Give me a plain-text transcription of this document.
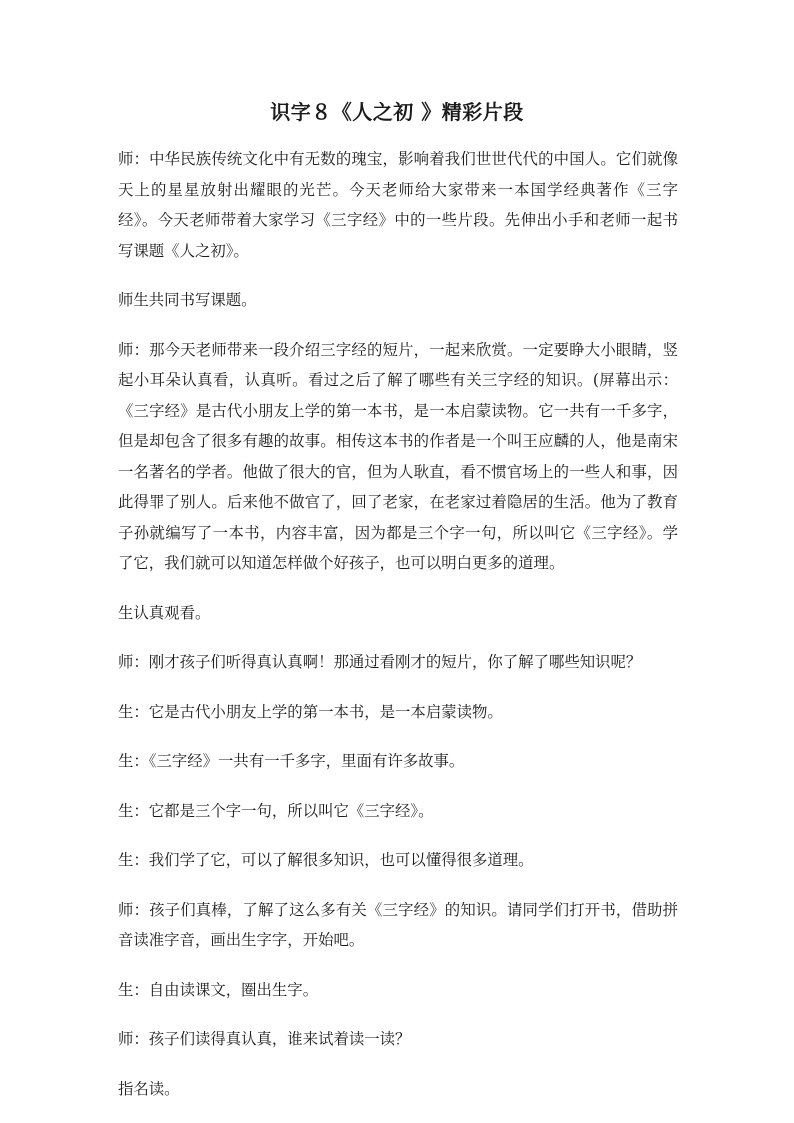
识字８《人之初 》精彩片段

师：中华民族传统文化中有无数的瑰宝，影响着我们世世代代的中国人。它们就像天上的星星放射出耀眼的光芒。今天老师给大家带来一本国学经典著作《三字经》。今天老师带着大家学习《三字经》中的一些片段。先伸出小手和老师一起书写课题《人之初》。

师生共同书写课题。

师：那今天老师带来一段介绍三字经的短片，一起来欣赏。一定要睁大小眼睛，竖起小耳朵认真看，认真听。看过之后了解了哪些有关三字经的知识。(屏幕出示：《三字经》是古代小朋友上学的第一本书，是一本启蒙读物。它一共有一千多字，但是却包含了很多有趣的故事。相传这本书的作者是一个叫王应麟的人，他是南宋一名著名的学者。他做了很大的官，但为人耿直，看不惯官场上的一些人和事，因此得罪了别人。后来他不做官了，回了老家，在老家过着隐居的生活。他为了教育子孙就编写了一本书，内容丰富，因为都是三个字一句，所以叫它《三字经》。学了它，我们就可以知道怎样做个好孩子，也可以明白更多的道理。

生认真观看。

师：刚才孩子们听得真认真啊！那通过看刚才的短片，你了解了哪些知识呢？

生：它是古代小朋友上学的第一本书，是一本启蒙读物。

生：《三字经》一共有一千多字，里面有许多故事。

生：它都是三个字一句，所以叫它《三字经》。

生：我们学了它，可以了解很多知识，也可以懂得很多道理。

师：孩子们真棒，了解了这么多有关《三字经》的知识。请同学们打开书，借助拼音读准字音，画出生字字，开始吧。

生：自由读课文，圈出生字。

师：孩子们读得真认真，谁来试着读一读？

指名读。
